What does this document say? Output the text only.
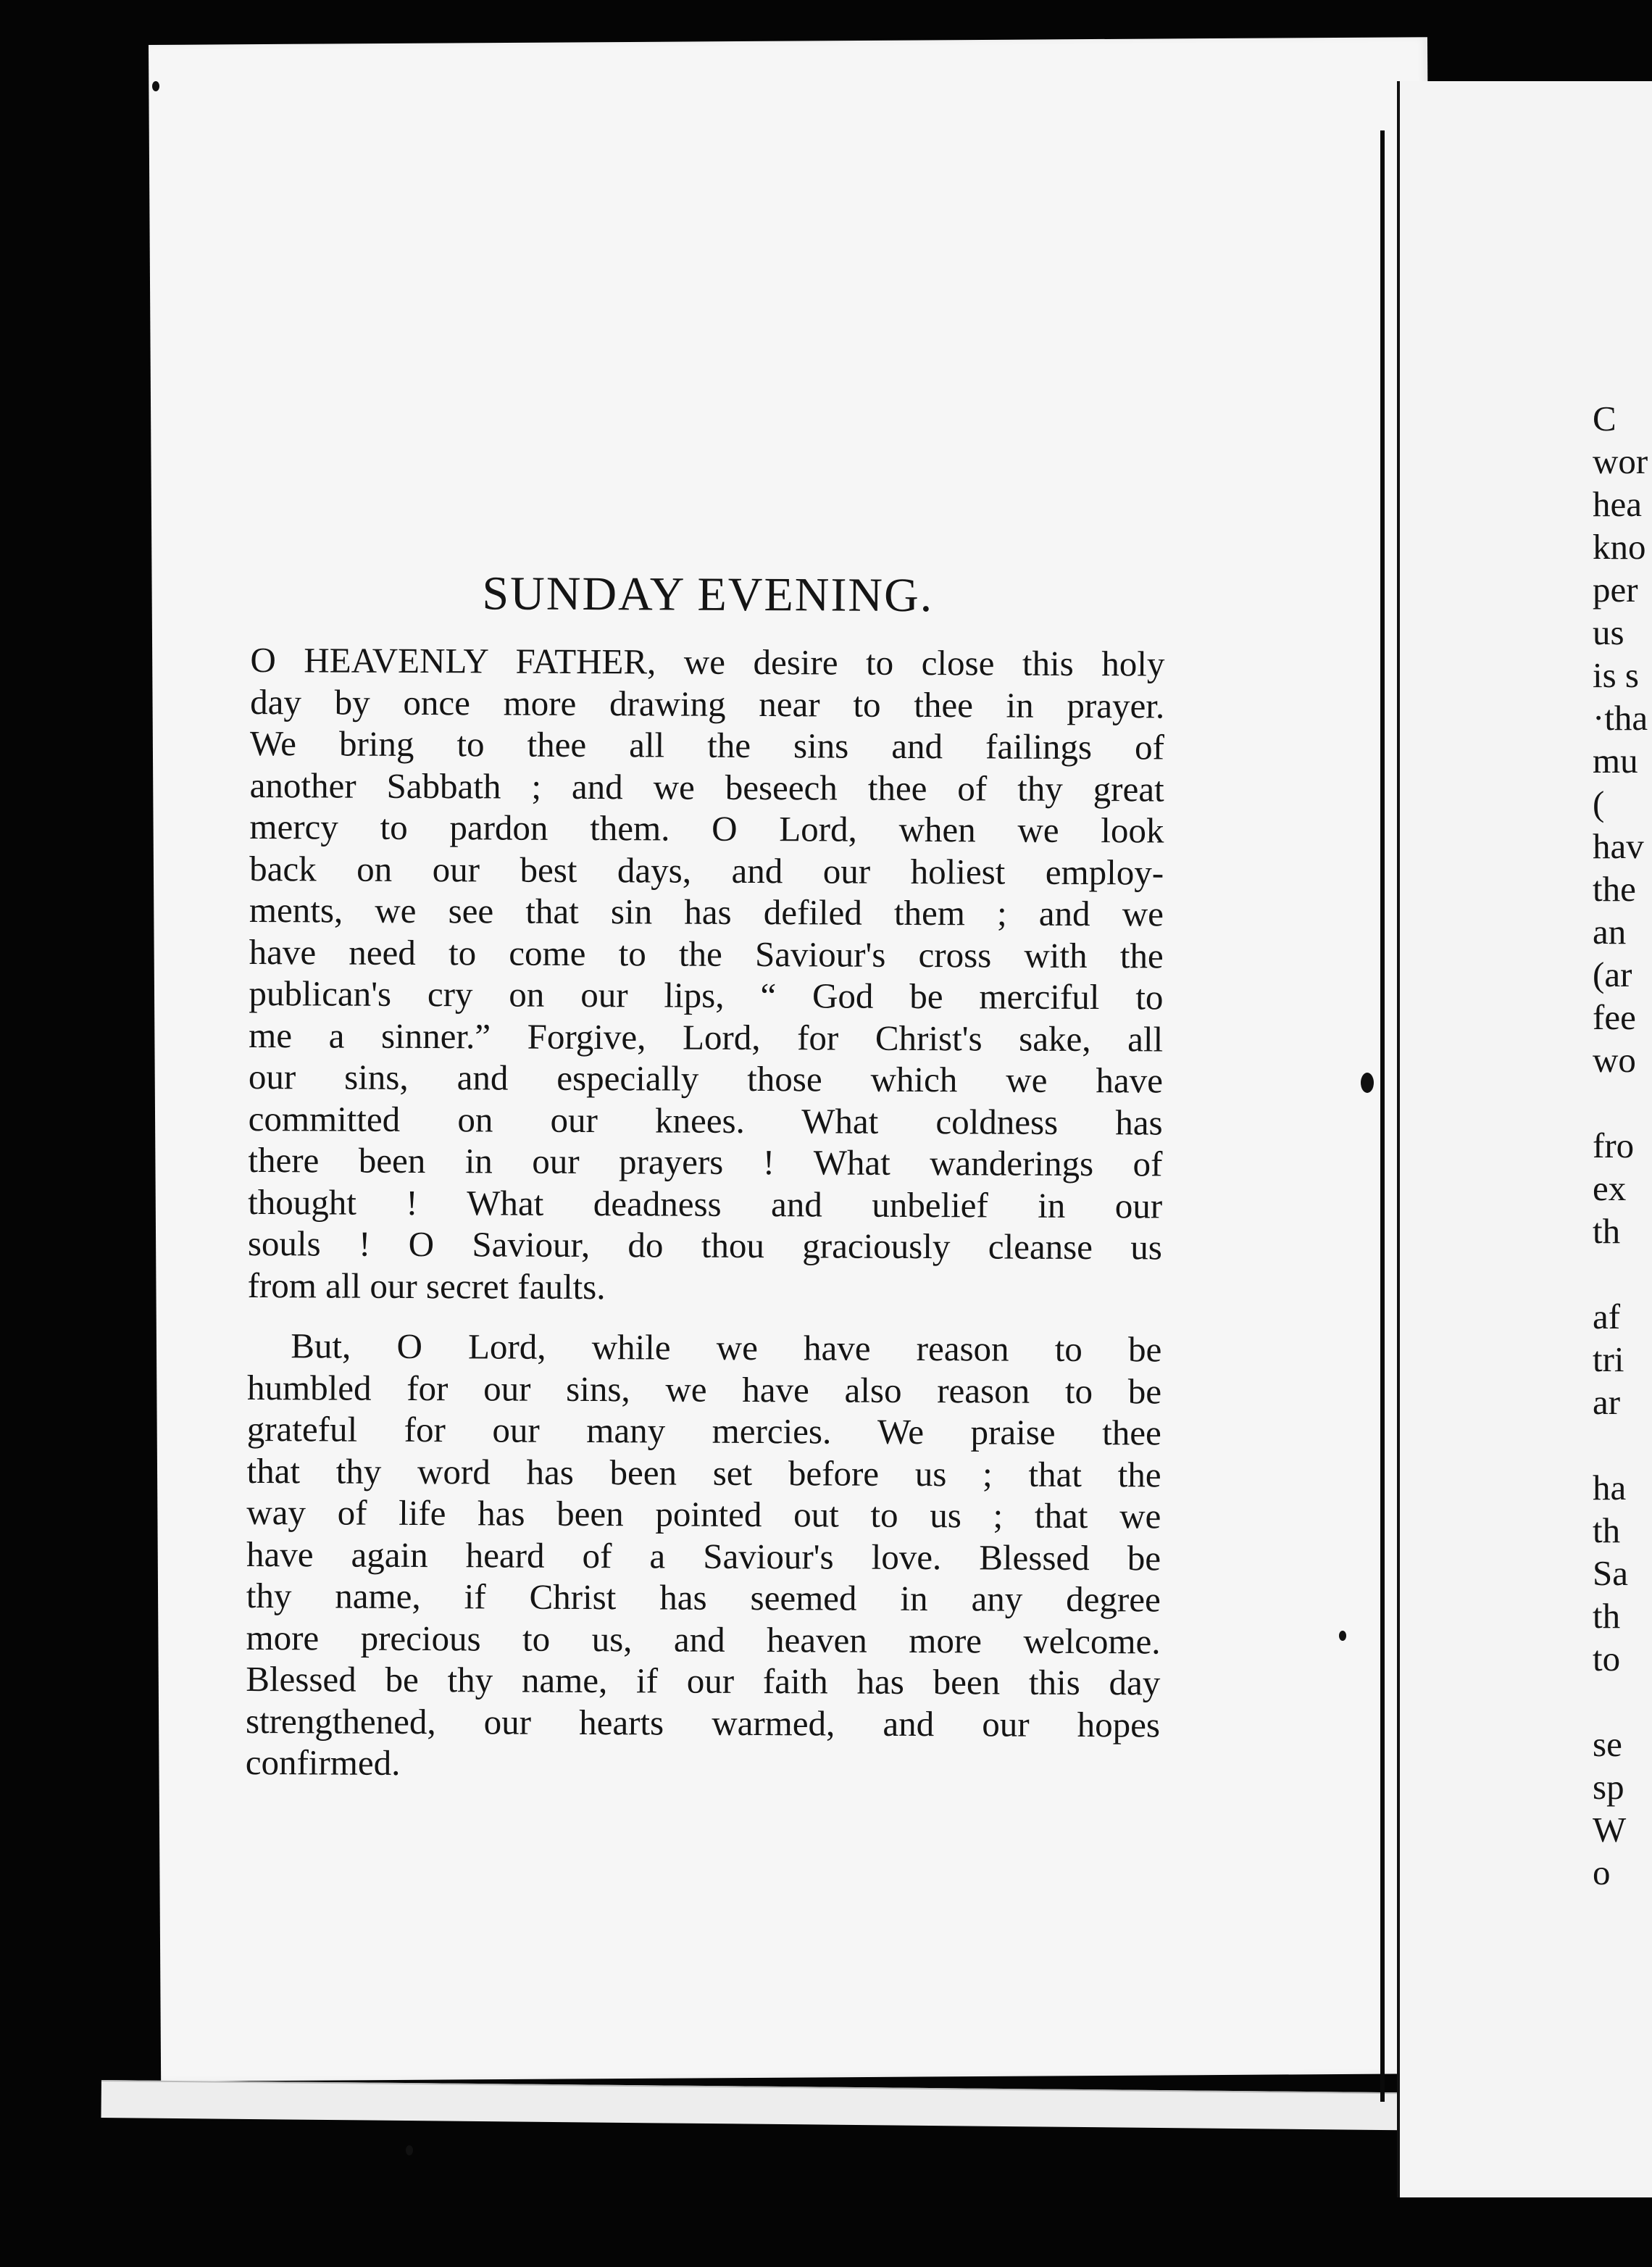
SUNDAY EVENING.

O HEAVENLY FATHER, we desire to close this holy
day by once more drawing near to thee in prayer.
We bring to thee all the sins and failings of
another Sabbath ; and we beseech thee of thy great
mercy to pardon them. O Lord, when we look
back on our best days, and our holiest employ-
ments, we see that sin has defiled them ; and we
have need to come to the Saviour's cross with the
publican's cry on our lips, “ God be merciful to
me a sinner.” Forgive, Lord, for Christ's sake, all
our sins, and especially those which we have
committed on our knees. What coldness has
there been in our prayers ! What wanderings of
thought ! What deadness and unbelief in our
souls ! O Saviour, do thou graciously cleanse us
from all our secret faults.

But, O Lord, while we have reason to be
humbled for our sins, we have also reason to be
grateful for our many mercies. We praise thee
that thy word has been set before us ; that the
way of life has been pointed out to us ; that we
have again heard of a Saviour's love. Blessed be
thy name, if Christ has seemed in any degree
more precious to us, and heaven more welcome.
Blessed be thy name, if our faith has been this day
strengthened, our hearts warmed, and our hopes
confirmed.

C
wor
hea
kno
per
us
is s
·tha
mu
(
hav
the
an
(ar
fee
wo

fro
ex
th

af
tri
ar

ha
th
Sa
th
to

se
sp
W
o
